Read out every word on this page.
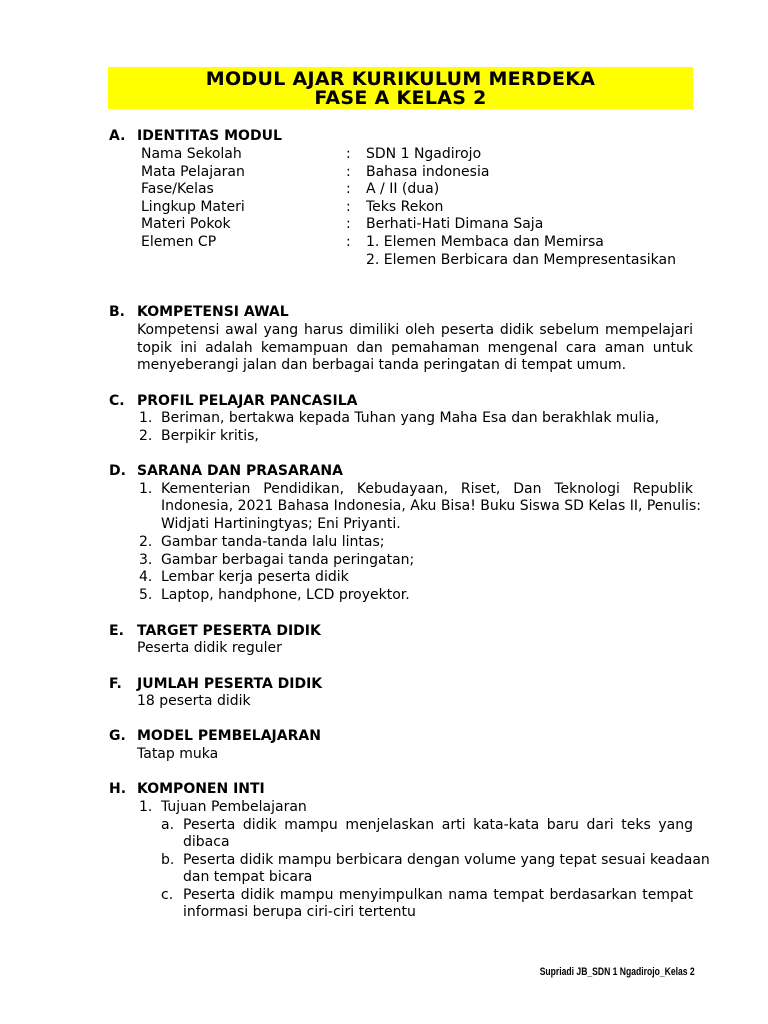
MODUL AJAR KURIKULUM MERDEKA
FASE A KELAS 2
A. IDENTITAS MODUL
Nama Sekolah	: SDN 1 Ngadirojo
Mata Pelajaran	: Bahasa indonesia
Fase/Kelas	: A / II (dua)
Lingkup Materi	: Teks Rekon
Materi Pokok	: Berhati-Hati Dimana Saja
Elemen CP	: 1. Elemen Membaca dan Memirsa
2. Elemen Berbicara dan Mempresentasikan
B. KOMPETENSI AWAL
Kompetensi awal yang harus dimiliki oleh peserta didik sebelum mempelajari
topik ini adalah kemampuan dan pemahaman mengenal cara aman untuk
menyeberangi jalan dan berbagai tanda peringatan di tempat umum.
C. PROFIL PELAJAR PANCASILA
1. Beriman, bertakwa kepada Tuhan yang Maha Esa dan berakhlak mulia,
2. Berpikir kritis,
D. SARANA DAN PRASARANA
1. Kementerian Pendidikan, Kebudayaan, Riset, Dan Teknologi Republik
Indonesia, 2021 Bahasa Indonesia, Aku Bisa! Buku Siswa SD Kelas II, Penulis:
Widjati Hartiningtyas; Eni Priyanti.
2. Gambar tanda-tanda lalu lintas;
3. Gambar berbagai tanda peringatan;
4. Lembar kerja peserta didik
5. Laptop, handphone, LCD proyektor.
E. TARGET PESERTA DIDIK
Peserta didik reguler
F. JUMLAH PESERTA DIDIK
18 peserta didik
G. MODEL PEMBELAJARAN
Tatap muka
H. KOMPONEN INTI
1. Tujuan Pembelajaran
a. Peserta didik mampu menjelaskan arti kata-kata baru dari teks yang
dibaca
b. Peserta didik mampu berbicara dengan volume yang tepat sesuai keadaan
dan tempat bicara
c. Peserta didik mampu menyimpulkan nama tempat berdasarkan tempat
informasi berupa ciri-ciri tertentu
Supriadi JB_SDN 1 Ngadirojo_Kelas 2
